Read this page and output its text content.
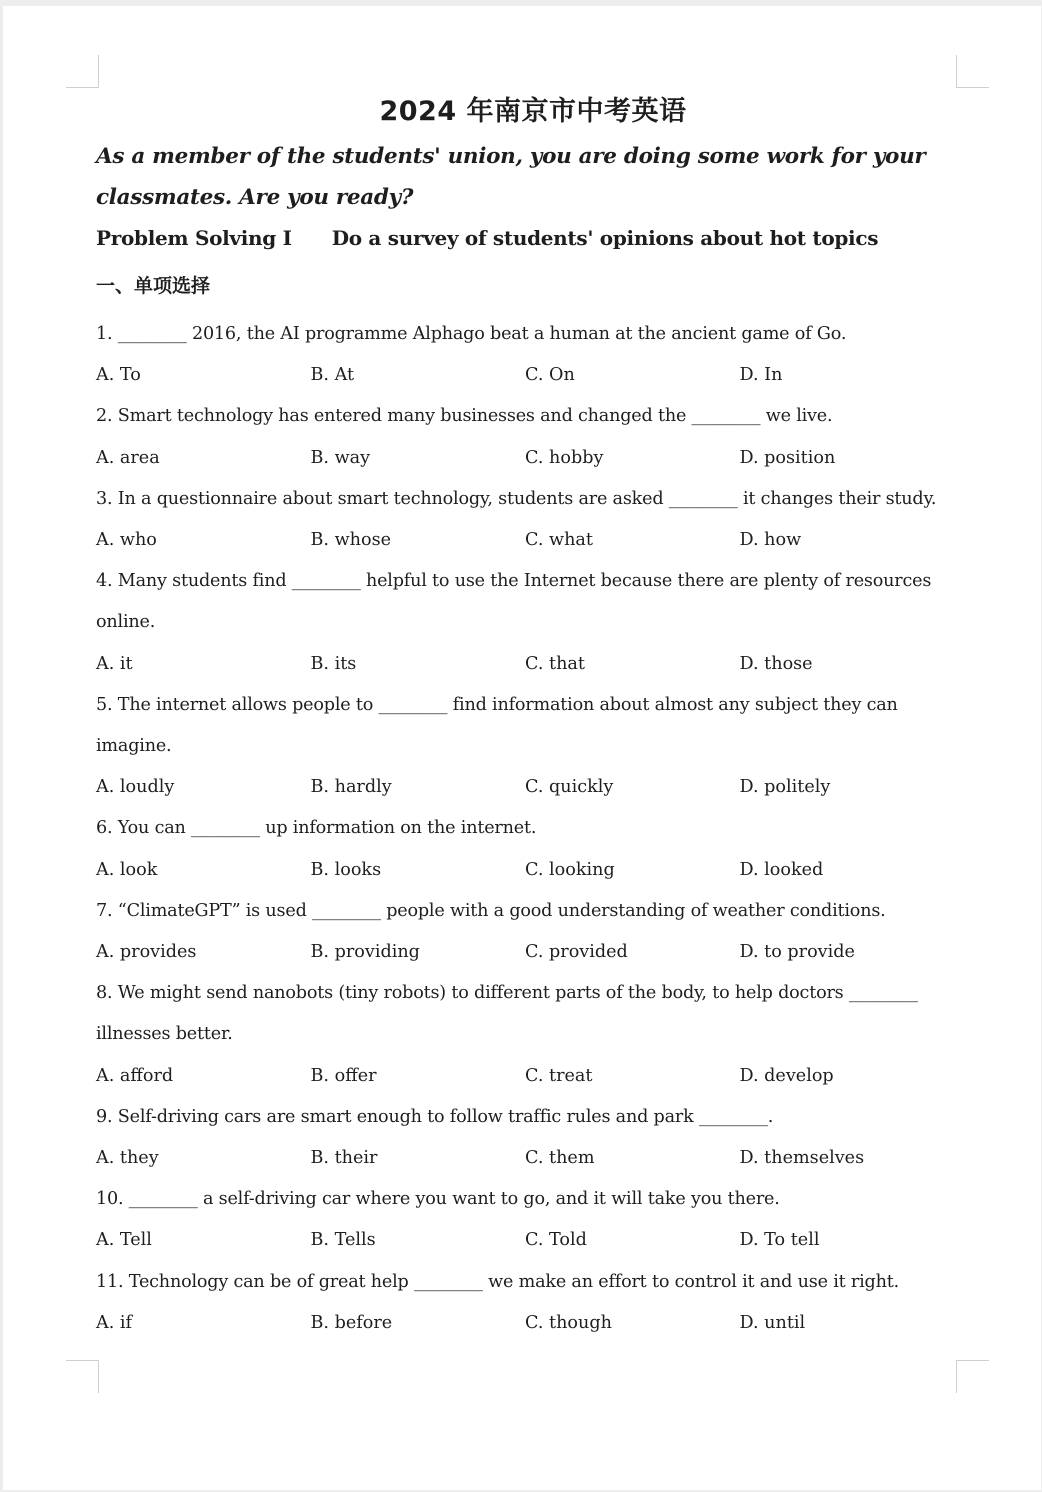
2024 年南京市中考英语

As a member of the students' union, you are doing some work for your classmates. Are you ready?

Problem Solving I Do a survey of students' opinions about hot topics

一、单项选择

1. ________ 2016, the AI programme Alphago beat a human at the ancient game of Go.

A. To	B. At	C. On	D. In

2. Smart technology has entered many businesses and changed the ________ we live.

A. area	B. way	C. hobby	D. position

3. In a questionnaire about smart technology, students are asked ________ it changes their study.

A. who	B. whose	C. what	D. how

4. Many students find ________ helpful to use the Internet because there are plenty of resources online.

A. it	B. its	C. that	D. those

5. The internet allows people to ________ find information about almost any subject they can imagine.

A. loudly	B. hardly	C. quickly	D. politely

6. You can ________ up information on the internet.

A. look	B. looks	C. looking	D. looked

7. “ClimateGPT” is used ________ people with a good understanding of weather conditions.

A. provides	B. providing	C. provided	D. to provide

8. We might send nanobots (tiny robots) to different parts of the body, to help doctors ________ illnesses better.

A. afford	B. offer	C. treat	D. develop

9. Self-driving cars are smart enough to follow traffic rules and park ________.

A. they	B. their	C. them	D. themselves

10. ________ a self-driving car where you want to go, and it will take you there.

A. Tell	B. Tells	C. Told	D. To tell

11. Technology can be of great help ________ we make an effort to control it and use it right.

A. if	B. before	C. though	D. until
